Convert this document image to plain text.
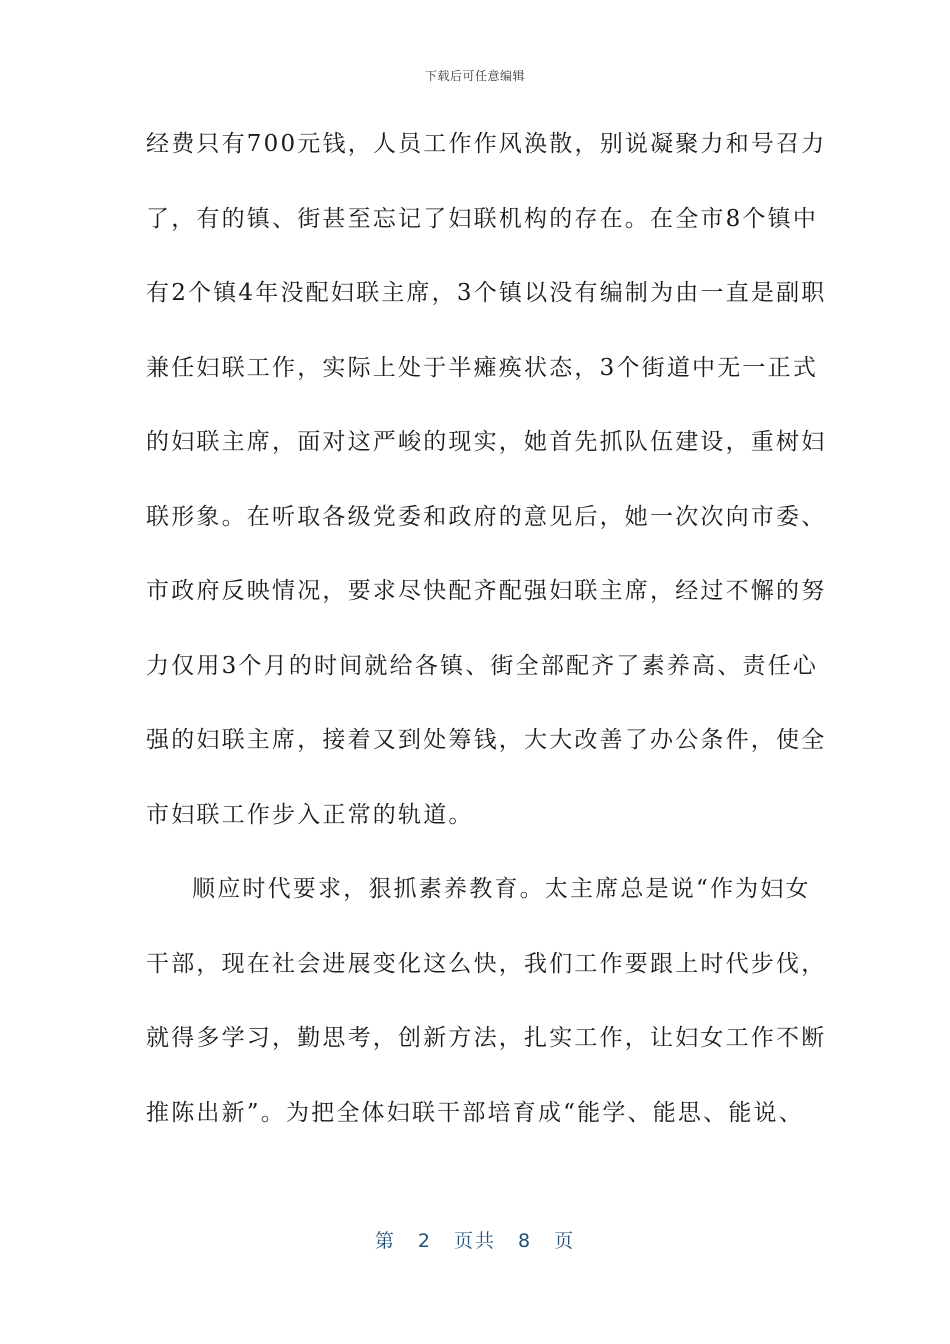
下载后可任意编辑
经费只有700元钱，人员工作作风涣散，别说凝聚力和号召力
了，有的镇、街甚至忘记了妇联机构的存在。在全市8个镇中
有2个镇4年没配妇联主席，3个镇以没有编制为由一直是副职
兼任妇联工作，实际上处于半瘫痪状态，3个街道中无一正式
的妇联主席，面对这严峻的现实，她首先抓队伍建设，重树妇
联形象。在听取各级党委和政府的意见后，她一次次向市委、
市政府反映情况，要求尽快配齐配强妇联主席，经过不懈的努
力仅用3个月的时间就给各镇、街全部配齐了素养高、责任心
强的妇联主席，接着又到处筹钱，大大改善了办公条件，使全
市妇联工作步入正常的轨道。
顺应时代要求，狠抓素养教育。太主席总是说“作为妇女
干部，现在社会进展变化这么快，我们工作要跟上时代步伐，
就得多学习，勤思考，创新方法，扎实工作，让妇女工作不断
推陈出新”。为把全体妇联干部培育成“能学、能思、能说、
第 2 页共 8 页
